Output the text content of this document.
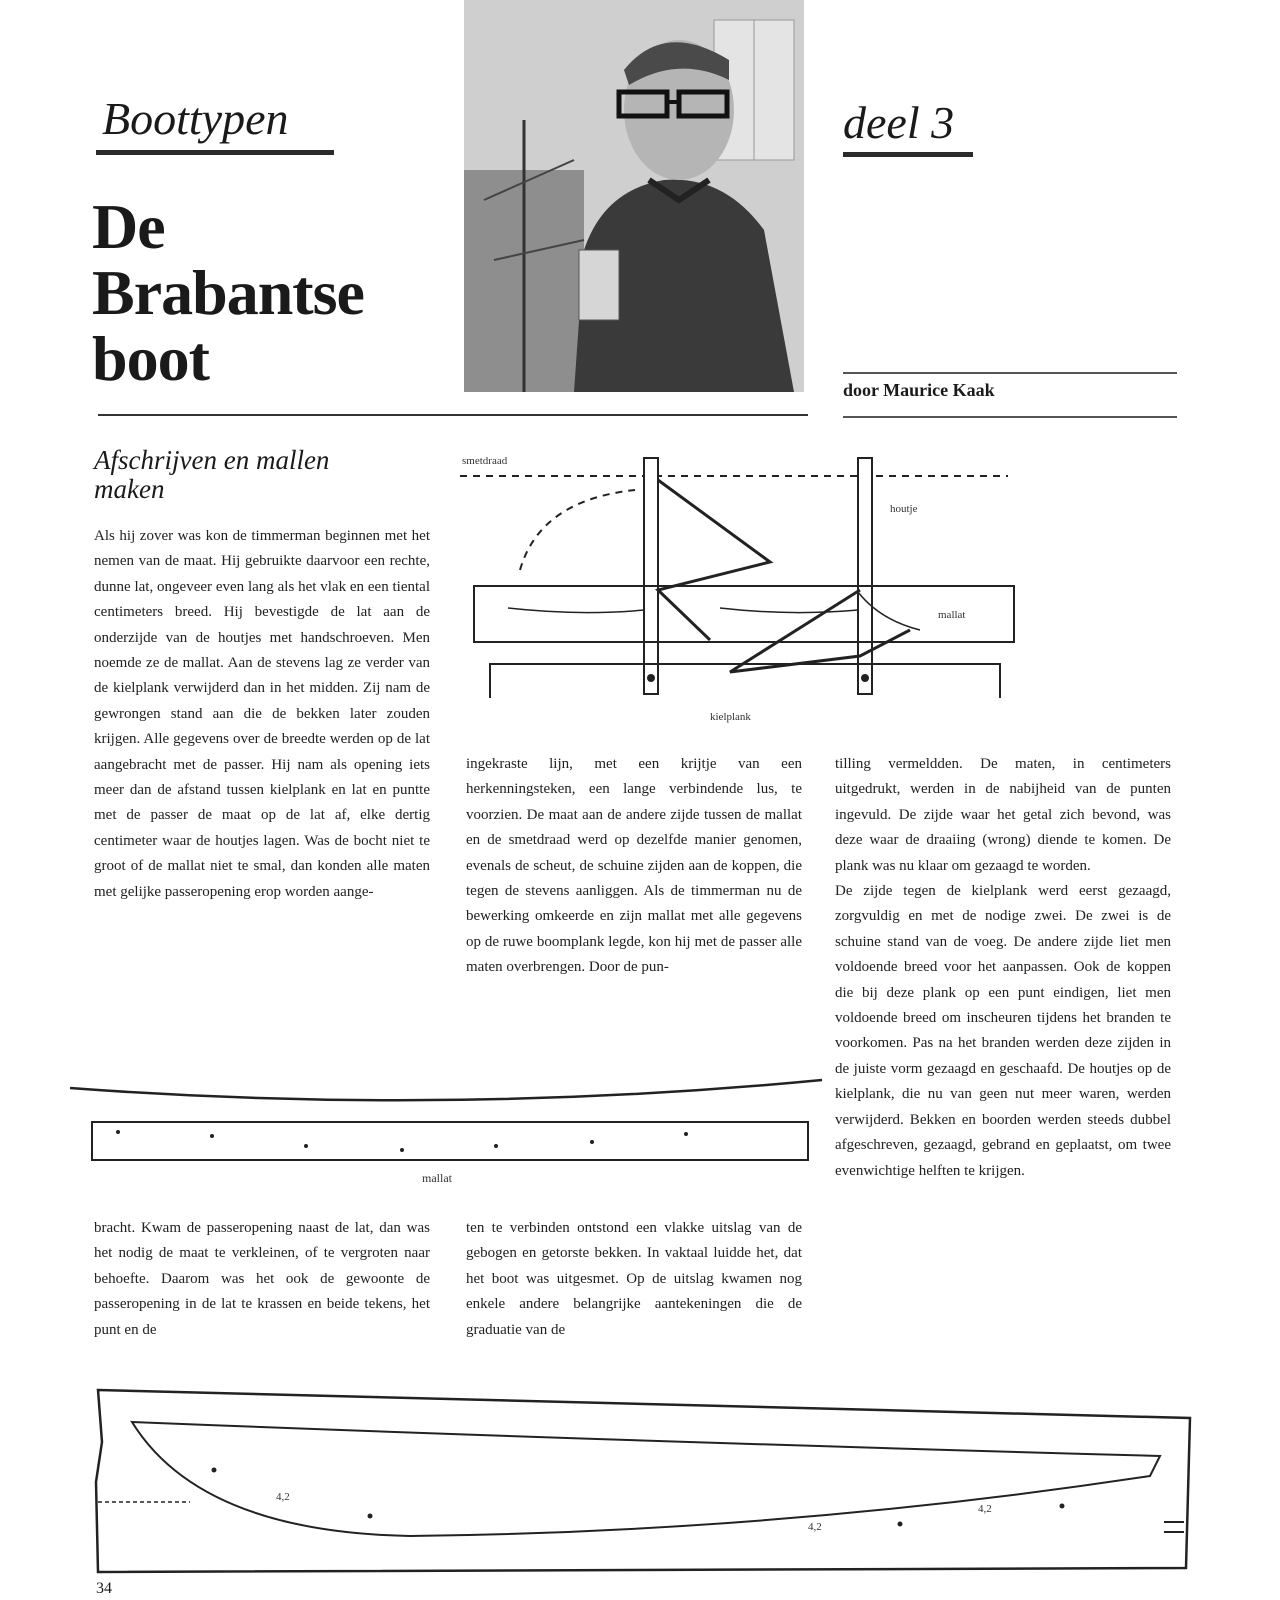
Boottypen	deel 3
De
Brabantse
boot	door Maurice Kaak
Afschrijven en mallen maken
smetdraad
houtje
mallat
kielplank

Als hij zover was kon de timmerman beginnen met het nemen van de maat. Hij gebruikte daarvoor een rechte, dunne lat, ongeveer even lang als het vlak en een tiental centimeters breed. Hij bevestigde de lat aan de onderzijde van de houtjes met handschroeven. Men noemde ze de mallat. Aan de stevens lag ze verder van de kielplank verwijderd dan in het midden. Zij nam de gewrongen stand aan die de bekken later zouden krijgen. Alle gegevens over de breedte werden op de lat aangebracht met de passer. Hij nam als opening iets meer dan de afstand tussen kielplank en lat en puntte met de passer de maat op de lat af, elke dertig centimeter waar de houtjes lagen. Was de bocht niet te groot of de mallat niet te smal, dan konden alle maten met gelijke passeropening erop worden aange-

ingekraste lijn, met een krijtje van een herkenningsteken, een lange verbindende lus, te voorzien. De maat aan de andere zijde tussen de mallat en de smetdraad werd op dezelfde manier genomen, evenals de scheut, de schuine zijden aan de koppen, die tegen de stevens aanliggen. Als de timmerman nu de bewerking omkeerde en zijn mallat met alle gegevens op de ruwe boomplank legde, kon hij met de passer alle maten overbrengen. Door de pun-

tilling vermeldden. De maten, in centimeters uitgedrukt, werden in de nabijheid van de punten ingevuld. De zijde waar het getal zich bevond, was deze waar de draaiing (wrong) diende te komen. De plank was nu klaar om gezaagd te worden.

De zijde tegen de kielplank werd eerst gezaagd, zorgvuldig en met de nodige zwei. De zwei is de schuine stand van de voeg. De andere zijde liet men voldoende breed voor het aanpassen. Ook de koppen die bij deze plank op een punt eindigen, liet men voldoende breed om inscheuren tijdens het branden te voorkomen. Pas na het branden werden deze zijden in de juiste vorm gezaagd en geschaafd. De houtjes op de kielplank, die nu van geen nut meer waren, werden verwijderd. Bekken en boorden werden steeds dubbel afgeschreven, gezaagd, gebrand en geplaatst, om twee evenwichtige helften te krijgen.

mallat

bracht. Kwam de passeropening naast de lat, dan was het nodig de maat te verkleinen, of te vergroten naar behoefte. Daarom was het ook de gewoonte de passeropening in de lat te krassen en beide tekens, het punt en de

ten te verbinden ontstond een vlakke uitslag van de gebogen en getorste bekken. In vaktaal luidde het, dat het boot was uitgesmet. Op de uitslag kwamen nog enkele andere belangrijke aantekeningen die de graduatie van de

4,2
4,2
4,2
34
